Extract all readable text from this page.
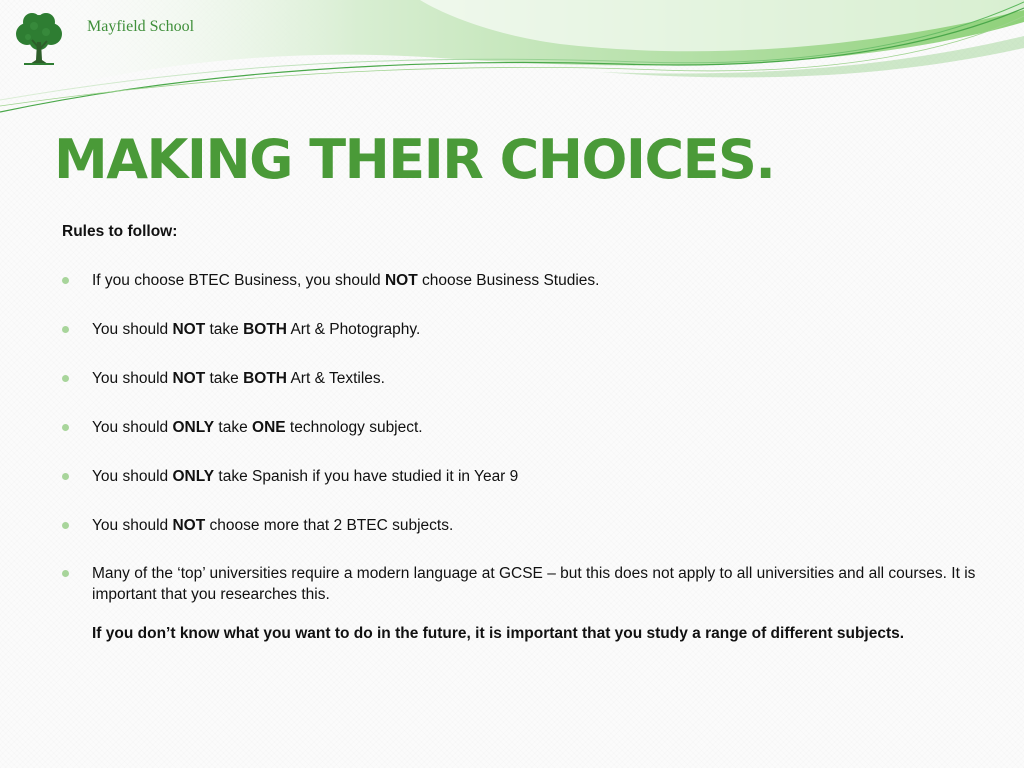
Mayfield School
MAKING THEIR CHOICES.

Rules to follow:

If you choose BTEC Business, you should NOT choose Business Studies.
You should NOT take BOTH Art & Photography.
You should NOT take BOTH Art & Textiles.
You should ONLY take ONE technology subject.
You should ONLY take Spanish if you have studied it in Year 9
You should NOT choose more that 2 BTEC subjects.
Many of the ‘top’ universities require a modern language at GCSE – but this does not apply to all universities and all courses. It is important that you researches this.

If you don’t know what you want to do in the future, it is important that you study a range of different subjects.
